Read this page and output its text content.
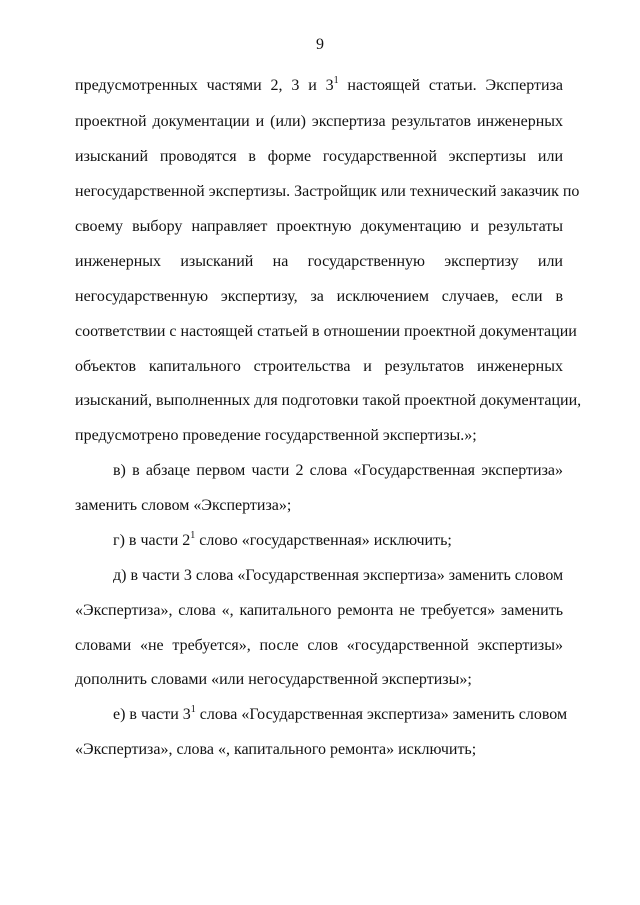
9
предусмотренных частями 2, 3 и $3^1$ настоящей статьи. Экспертиза
проектной документации и (или) экспертиза результатов инженерных
изысканий проводятся в форме государственной экспертизы или
негосударственной экспертизы. Застройщик или технический заказчик по
своему выбору направляет проектную документацию и результаты
инженерных изысканий на государственную экспертизу или
негосударственную экспертизу, за исключением случаев, если в
соответствии с настоящей статьей в отношении проектной документации
объектов капитального строительства и результатов инженерных
изысканий, выполненных для подготовки такой проектной документации,
предусмотрено проведение государственной экспертизы.»;
в) в абзаце первом части 2 слова «Государственная экспертиза»
заменить словом «Экспертиза»;
г) в части $2^1$ слово «государственная» исключить;
д) в части 3 слова «Государственная экспертиза» заменить словом
«Экспертиза», слова «, капитального ремонта не требуется» заменить
словами «не требуется», после слов «государственной экспертизы»
дополнить словами «или негосударственной экспертизы»;
е) в части $3^1$ слова «Государственная экспертиза» заменить словом
«Экспертиза», слова «, капитального ремонта» исключить;
